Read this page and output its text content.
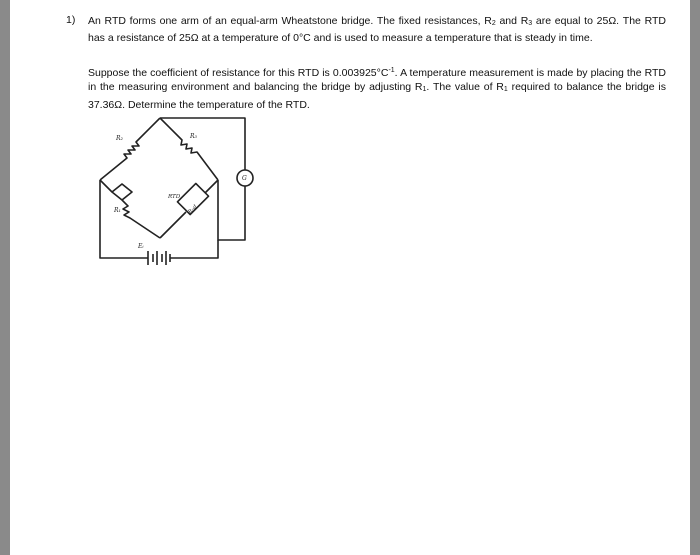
1) An RTD forms one arm of an equal-arm Wheatstone bridge. The fixed resistances, $R_2$ and $R_3$ are equal to 25Ω. The RTD has a resistance of 25Ω at a temperature of 0°C and is used to measure a temperature that is steady in time.

Suppose the coefficient of resistance for this RTD is $0.003925^\circ C^{-1}$. A temperature measurement is made by placing the RTD in the measuring environment and balancing the bridge by adjusting $R_1$. The value of $R_1$ required to balance the bridge is 37.36Ω. Determine the temperature of the RTD.

R₂	R₃
R₁
RTD
Rᵣₜd
G
Eᵢ
